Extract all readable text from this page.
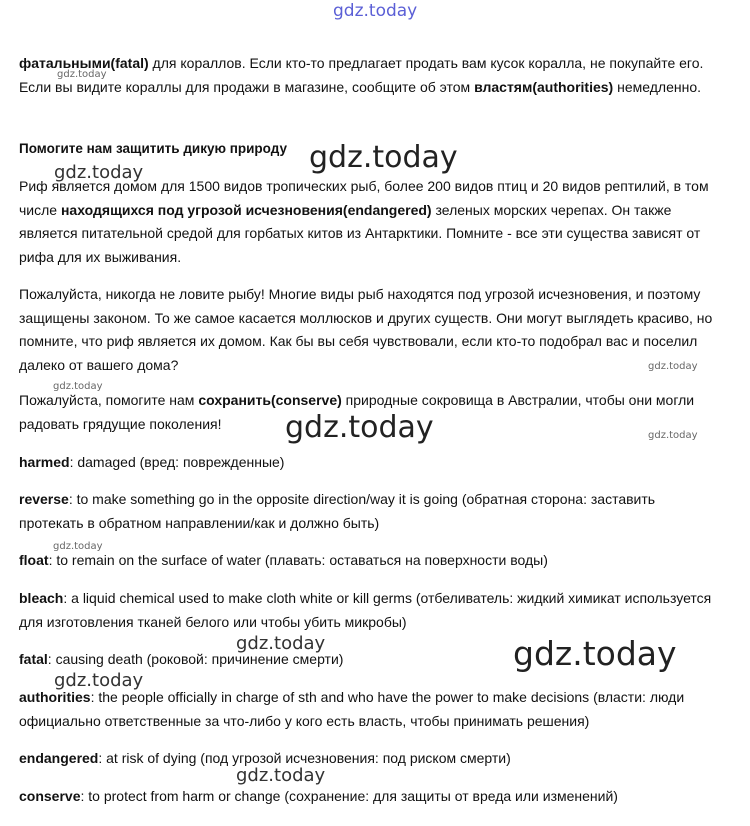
gdz.today
gdz.today
gdz.today	gdz.today
gdz.today
gdz.today
gdz.today	gdz.today
gdz.today
gdz.today	gdz.today
gdz.today
gdz.today
фатальными(fatal) для кораллов. Если кто-то предлагает продать вам кусок коралла, не покупайте его. Если вы видите кораллы для продажи в магазине, сообщите об этом властям(authorities) немедленно.
Помогите нам защитить дикую природу
Риф является домом для 1500 видов тропических рыб, более 200 видов птиц и 20 видов рептилий, в том числе находящихся под угрозой исчезновения(endangered) зеленых морских черепах. Он также является питательной средой для горбатых китов из Антарктики. Помните - все эти существа зависят от рифа для их выживания.
Пожалуйста, никогда не ловите рыбу! Многие виды рыб находятся под угрозой исчезновения, и поэтому защищены законом. То же самое касается моллюсков и других существ. Они могут выглядеть красиво, но помните, что риф является их домом. Как бы вы себя чувствовали, если кто-то подобрал вас и поселил далеко от вашего дома?
Пожалуйста, помогите нам сохранить(conserve) природные сокровища в Австралии, чтобы они могли радовать грядущие поколения!
harmed: damaged (вред: поврежденные)
reverse: to make something go in the opposite direction/way it is going (обратная сторона: заставить протекать в обратном направлении/как и должно быть)
float: to remain on the surface of water (плавать: оставаться на поверхности воды)
bleach: a liquid chemical used to make cloth white or kill germs (отбеливатель: жидкий химикат используется для изготовления тканей белого или чтобы убить микробы)
fatal: causing death (роковой: причинение смерти)
authorities: the people officially in charge of sth and who have the power to make decisions (власти: люди официально ответственные за что-либо у кого есть власть, чтобы принимать решения)
endangered: at risk of dying (под угрозой исчезновения: под риском смерти)
conserve: to protect from harm or change (сохранение: для защиты от вреда или изменений)
